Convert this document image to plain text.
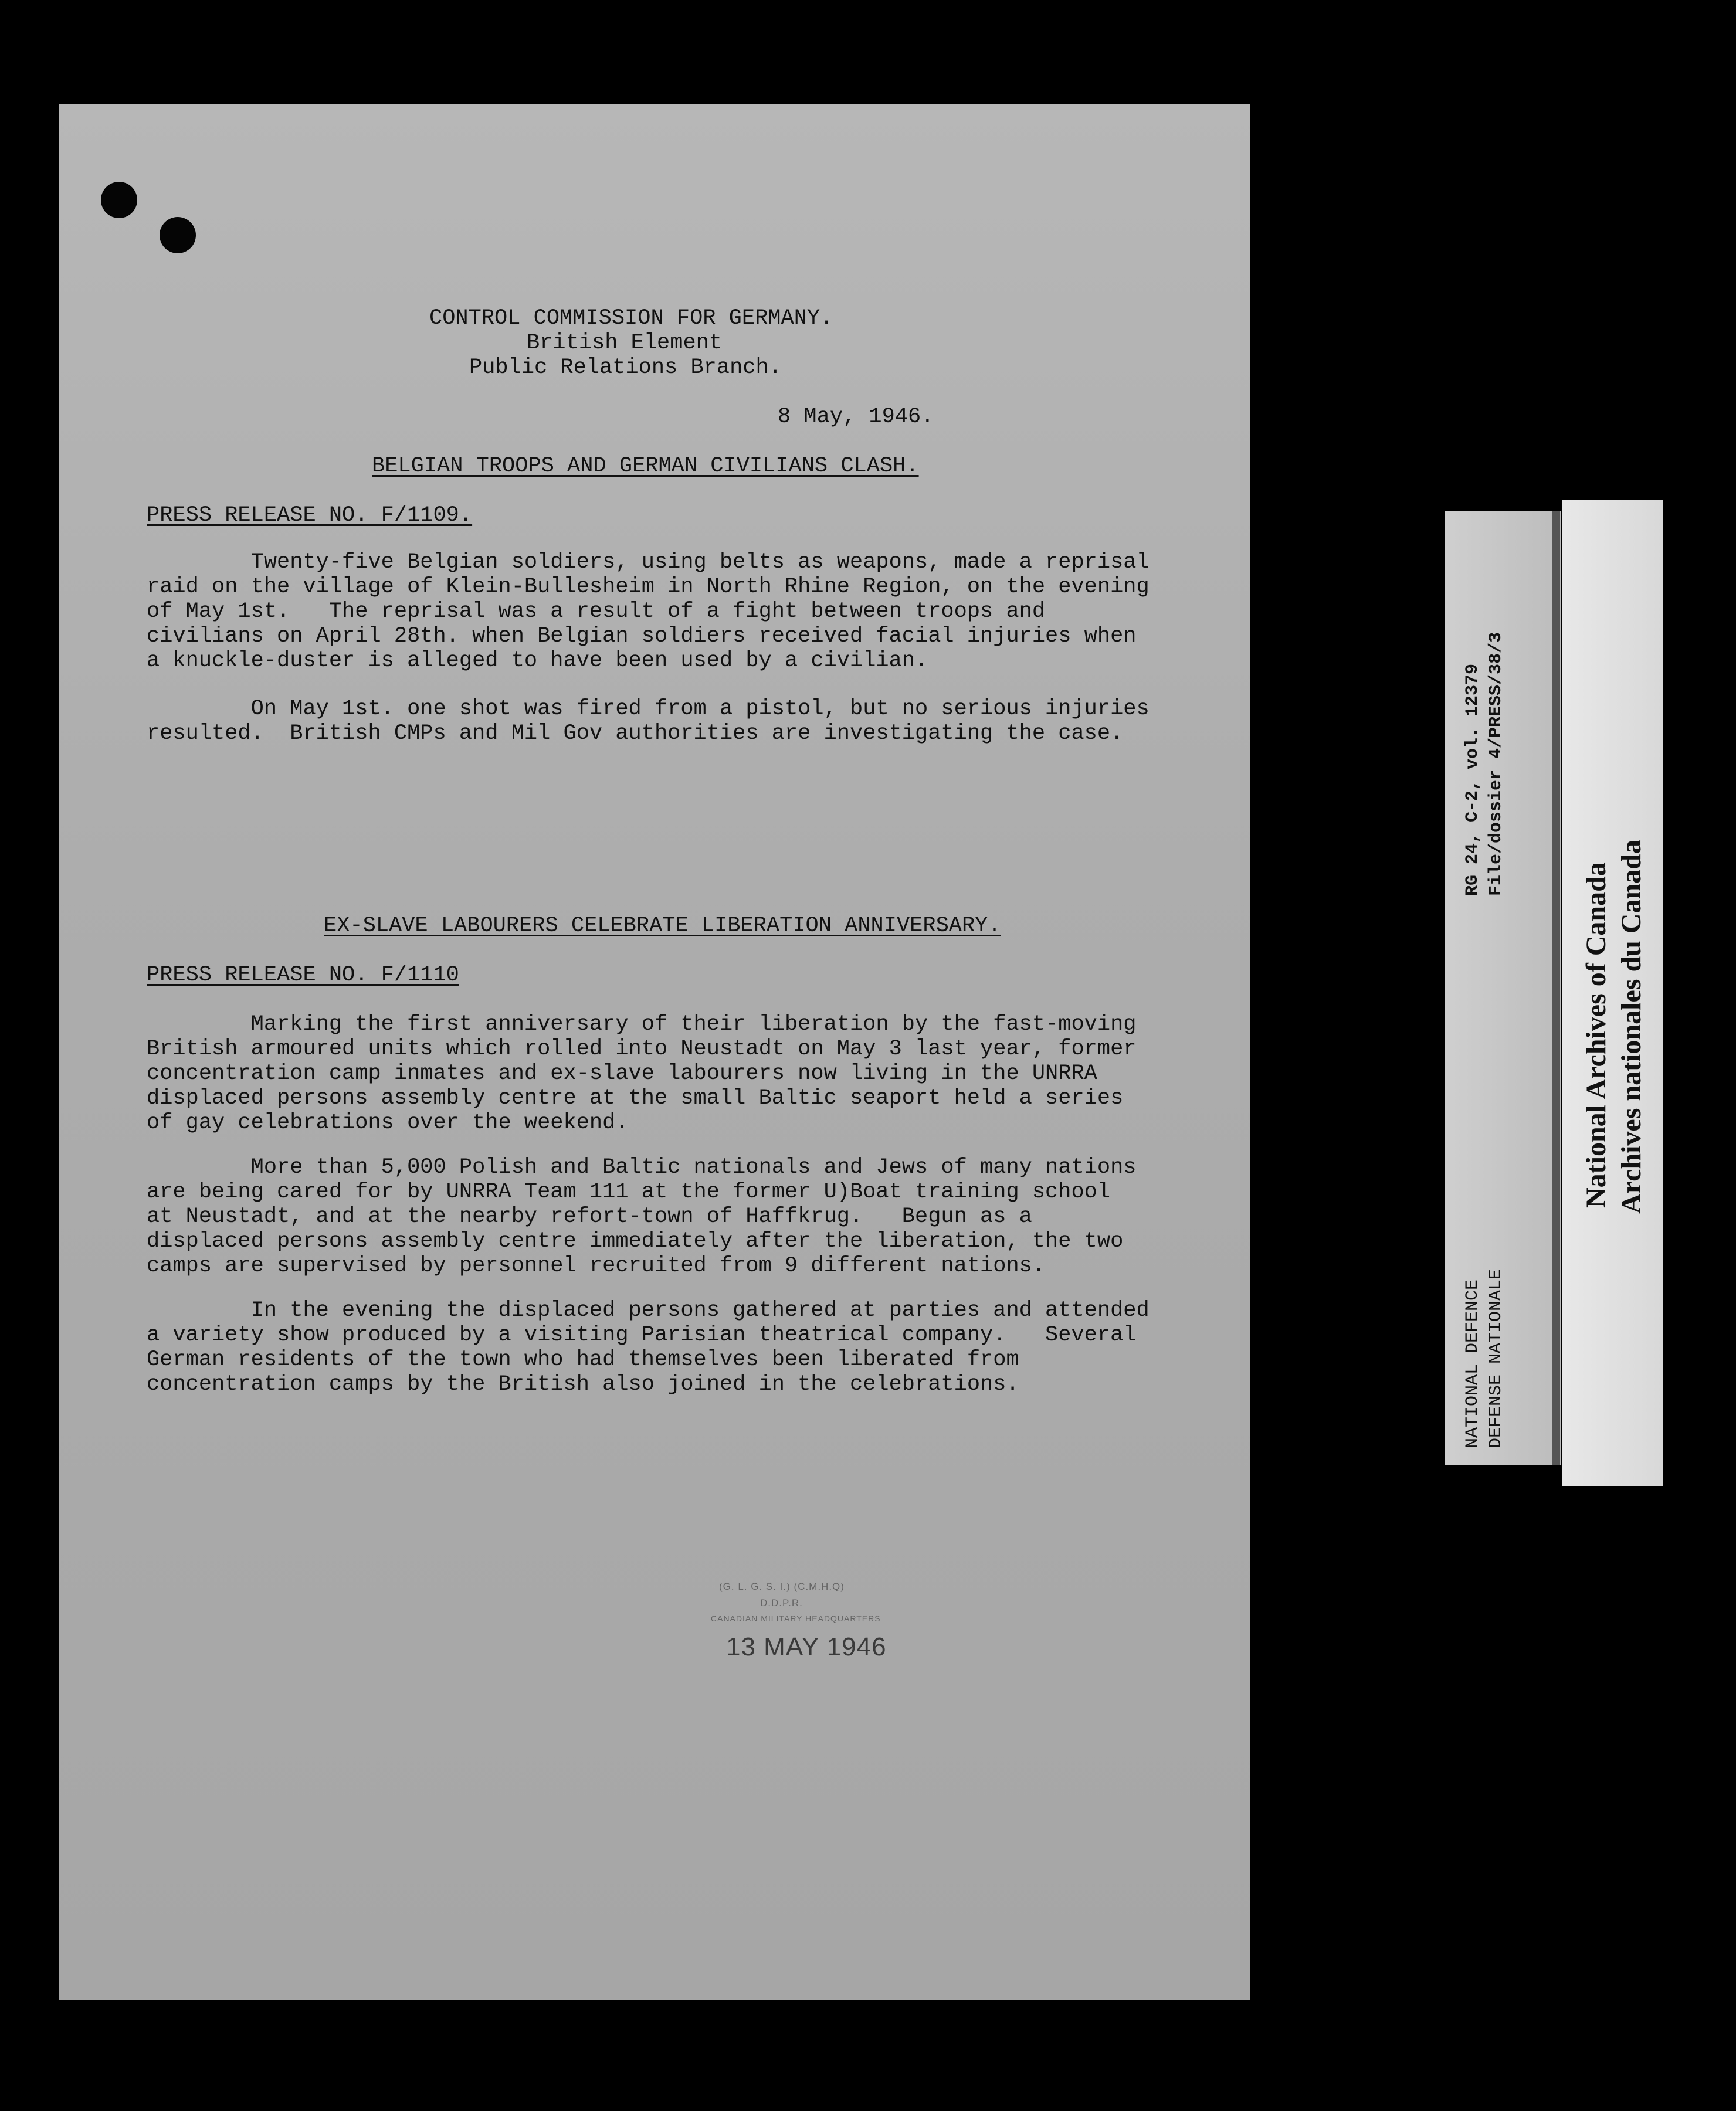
CONTROL COMMISSION FOR GERMANY.
British Element
Public Relations Branch.
8 May, 1946.
BELGIAN TROOPS AND GERMAN CIVILIANS CLASH.
PRESS RELEASE NO. F/1109.
Twenty-five Belgian soldiers, using belts as weapons, made a reprisal
raid on the village of Klein-Bullesheim in North Rhine Region, on the evening
of May 1st.   The reprisal was a result of a fight between troops and
civilians on April 28th. when Belgian soldiers received facial injuries when
a knuckle-duster is alleged to have been used by a civilian.
On May 1st. one shot was fired from a pistol, but no serious injuries
resulted.  British CMPs and Mil Gov authorities are investigating the case.
EX-SLAVE LABOURERS CELEBRATE LIBERATION ANNIVERSARY.
PRESS RELEASE NO. F/1110
Marking the first anniversary of their liberation by the fast-moving
British armoured units which rolled into Neustadt on May 3 last year, former
concentration camp inmates and ex-slave labourers now living in the UNRRA
displaced persons assembly centre at the small Baltic seaport held a series
of gay celebrations over the weekend.
More than 5,000 Polish and Baltic nationals and Jews of many nations
are being cared for by UNRRA Team 111 at the former U)Boat training school
at Neustadt, and at the nearby refort-town of Haffkrug.   Begun as a
displaced persons assembly centre immediately after the liberation, the two
camps are supervised by personnel recruited from 9 different nations.
In the evening the displaced persons gathered at parties and attended
a variety show produced by a visiting Parisian theatrical company.   Several
German residents of the town who had themselves been liberated from
concentration camps by the British also joined in the celebrations.
(G. L. G. S. I.) (C.M.H.Q)
D.D.P.R.
CANADIAN MILITARY HEADQUARTERS
13 MAY 1946
RG 24, C-2, vol. 12379 File/dossier 4/PRESS/38/3
NATIONAL DEFENCE DEFENSE NATIONALE
National Archives of Canada Archives nationales du Canada
